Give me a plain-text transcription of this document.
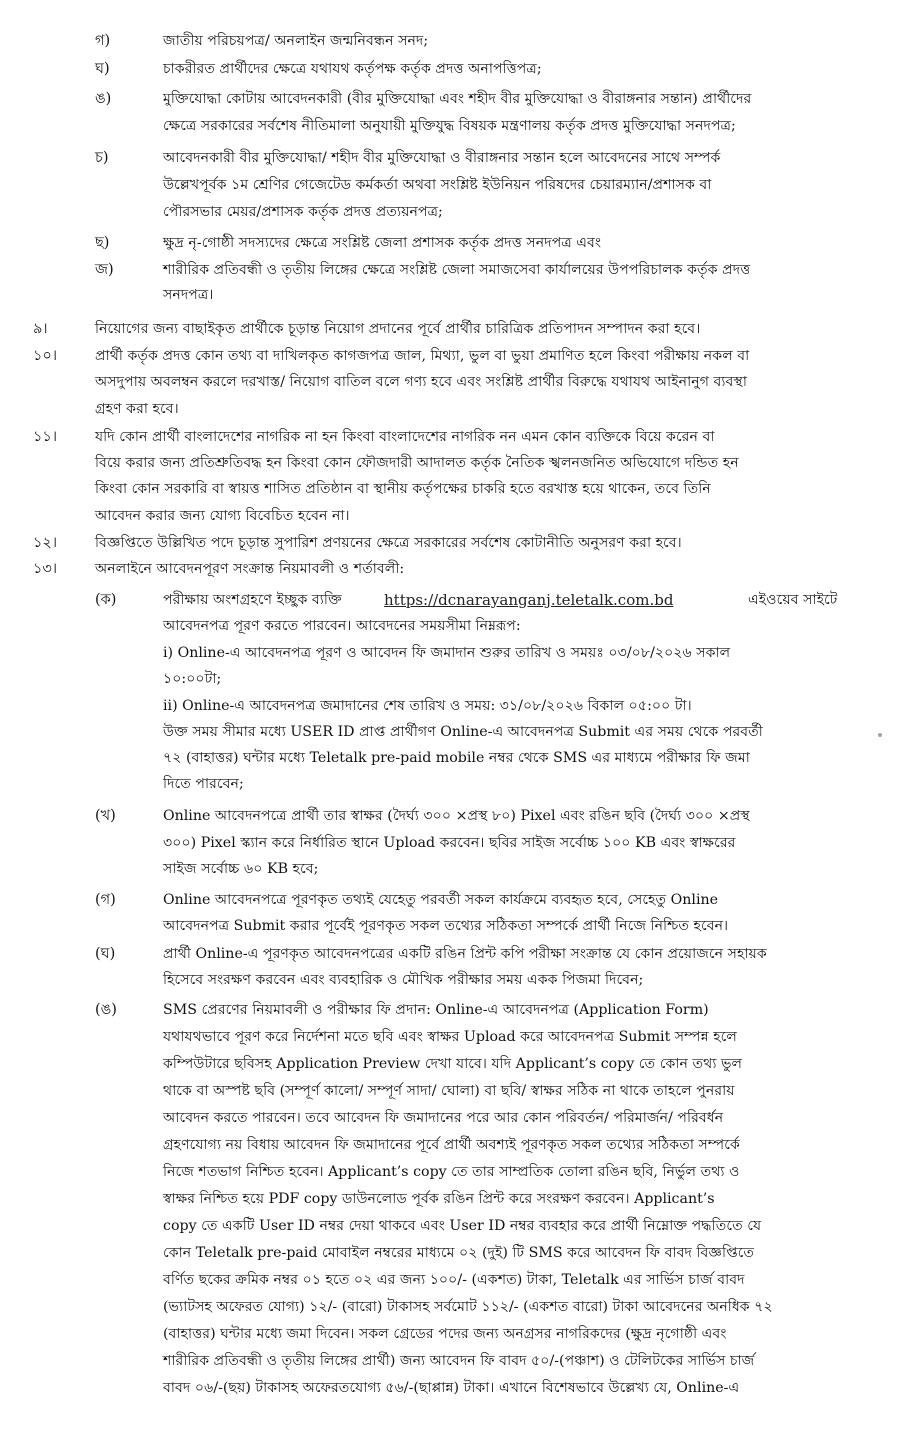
গ)	জাতীয় পরিচয়পত্র/ অনলাইন জন্মনিবন্ধন সনদ;
ঘ)	চাকরীরত প্রার্থীদের ক্ষেত্রে যথাযথ কর্তৃপক্ষ কর্তৃক প্রদত্ত অনাপত্তিপত্র;
ঙ)	মুক্তিযোদ্ধা কোটায় আবেদনকারী (বীর মুক্তিযোদ্ধা এবং শহীদ বীর মুক্তিযোদ্ধা ও বীরাঙ্গনার সন্তান) প্রার্থীদের
ক্ষেত্রে সরকারের সর্বশেষ নীতিমালা অনুযায়ী মুক্তিযুদ্ধ বিষয়ক মন্ত্রণালয় কর্তৃক প্রদত্ত মুক্তিযোদ্ধা সনদপত্র;
চ)	আবেদনকারী বীর মুক্তিযোদ্ধা/ শহীদ বীর মুক্তিযোদ্ধা ও বীরাঙ্গনার সন্তান হলে আবেদনের সাথে সম্পর্ক
উল্লেখপূর্বক ১ম শ্রেণির গেজেটেড কর্মকর্তা অথবা সংশ্লিষ্ট ইউনিয়ন পরিষদের চেয়ারম্যান/প্রশাসক বা
পৌরসভার মেয়র/প্রশাসক কর্তৃক প্রদত্ত প্রত্যয়নপত্র;
ছ)	ক্ষুদ্র নৃ-গোষ্ঠী সদস্যদের ক্ষেত্রে সংশ্লিষ্ট জেলা প্রশাসক কর্তৃক প্রদত্ত সনদপত্র এবং
জ)	শারীরিক প্রতিবন্ধী ও তৃতীয় লিঙ্গের ক্ষেত্রে সংশ্লিষ্ট জেলা সমাজসেবা কার্যালয়ের উপপরিচালক কর্তৃক প্রদত্ত
সনদপত্র।
৯।	নিয়োগের জন্য বাছাইকৃত প্রার্থীকে চূড়ান্ত নিয়োগ প্রদানের পূর্বে প্রার্থীর চারিত্রিক প্রতিপাদন সম্পাদন করা হবে।
১০।	প্রার্থী কর্তৃক প্রদত্ত কোন তথ্য বা দাখিলকৃত কাগজপত্র জাল, মিথ্যা, ভুল বা ভুয়া প্রমাণিত হলে কিংবা পরীক্ষায় নকল বা
অসদুপায় অবলম্বন করলে দরখাস্ত/ নিয়োগ বাতিল বলে গণ্য হবে এবং সংশ্লিষ্ট প্রার্থীর বিরুদ্ধে যথাযথ আইনানুগ ব্যবস্থা
গ্রহণ করা হবে।
১১।	যদি কোন প্রার্থী বাংলাদেশের নাগরিক না হন কিংবা বাংলাদেশের নাগরিক নন এমন কোন ব্যক্তিকে বিয়ে করেন বা
বিয়ে করার জন্য প্রতিশ্রুতিবদ্ধ হন কিংবা কোন ফৌজদারী আদালত কর্তৃক নৈতিক স্খলনজনিত অভিযোগে দন্ডিত হন
কিংবা কোন সরকারি বা স্বায়ত্ত শাসিত প্রতিষ্ঠান বা স্থানীয় কর্তৃপক্ষের চাকরি হতে বরখাস্ত হয়ে থাকেন, তবে তিনি
আবেদন করার জন্য যোগ্য বিবেচিত হবেন না।
১২।	বিজ্ঞপ্তিতে উল্লিখিত পদে চূড়ান্ত সুপারিশ প্রণয়নের ক্ষেত্রে সরকারের সর্বশেষ কোটানীতি অনুসরণ করা হবে।
১৩।	অনলাইনে আবেদনপূরণ সংক্রান্ত নিয়মাবলী ও শর্তাবলী:
(ক)	পরীক্ষায় অংশগ্রহণে ইচ্ছুক ব্যক্তি	https://dcnarayanganj.teletalk.com.bd	এইওয়েব সাইটে
আবেদনপত্র পূরণ করতে পারবেন। আবেদনের সময়সীমা নিম্নরূপ:
i) Online-এ আবেদনপত্র পূরণ ও আবেদন ফি জমাদান শুরুর তারিখ ও সময়ঃ ০৩/০৮/২০২৬ সকাল
১০:০০টা;
ii) Online-এ আবেদনপত্র জমাদানের শেষ তারিখ ও সময়: ৩১/০৮/২০২৬ বিকাল ০৫:০০ টা।
উক্ত সময় সীমার মধ্যে USER ID প্রাপ্ত প্রার্থীগণ Online-এ আবেদনপত্র Submit এর সময় থেকে পরবর্তী
৭২ (বাহাত্তর) ঘন্টার মধ্যে Teletalk pre-paid mobile নম্বর থেকে SMS এর মাধ্যমে পরীক্ষার ফি জমা
দিতে পারবেন;
(খ)	Online আবেদনপত্রে প্রার্থী তার স্বাক্ষর (দৈর্ঘ্য ৩০০ ×প্রস্থ ৮০) Pixel এবং রঙিন ছবি (দৈর্ঘ্য ৩০০ ×প্রস্থ
৩০০) Pixel স্ক্যান করে নির্ধারিত স্থানে Upload করবেন। ছবির সাইজ সর্বোচ্চ ১০০ KB এবং স্বাক্ষরের
সাইজ সর্বোচ্চ ৬০ KB হবে;
(গ)	Online আবেদনপত্রে পূরণকৃত তথ্যই যেহেতু পরবর্তী সকল কার্যক্রমে ব্যবহৃত হবে, সেহেতু Online
আবেদনপত্র Submit করার পূর্বেই পূরণকৃত সকল তথ্যের সঠিকতা সম্পর্কে প্রার্থী নিজে নিশ্চিত হবেন।
(ঘ)	প্রার্থী Online-এ পূরণকৃত আবেদনপত্রের একটি রঙিন প্রিন্ট কপি পরীক্ষা সংক্রান্ত যে কোন প্রয়োজনে সহায়ক
হিসেবে সংরক্ষণ করবেন এবং ব্যবহারিক ও মৌখিক পরীক্ষার সময় একক পিজমা দিবেন;
(ঙ)	SMS প্রেরণের নিয়মাবলী ও পরীক্ষার ফি প্রদান: Online-এ আবেদনপত্র (Application Form)
যথাযথভাবে পূরণ করে নির্দেশনা মতে ছবি এবং স্বাক্ষর Upload করে আবেদনপত্র Submit সম্পন্ন হলে
কম্পিউটারে ছবিসহ Application Preview দেখা যাবে। যদি Applicant’s copy তে কোন তথ্য ভুল
থাকে বা অস্পষ্ট ছবি (সম্পূর্ণ কালো/ সম্পূর্ণ সাদা/ ঘোলা) বা ছবি/ স্বাক্ষর সঠিক না থাকে তাহলে পুনরায়
আবেদন করতে পারবেন। তবে আবেদন ফি জমাদানের পরে আর কোন পরিবর্তন/ পরিমার্জন/ পরিবর্ধন
গ্রহণযোগ্য নয় বিধায় আবেদন ফি জমাদানের পূর্বে প্রার্থী অবশ্যই পূরণকৃত সকল তথ্যের সঠিকতা সম্পর্কে
নিজে শতভাগ নিশ্চিত হবেন। Applicant’s copy তে তার সাম্প্রতিক তোলা রঙিন ছবি, নির্ভুল তথ্য ও
স্বাক্ষর নিশ্চিত হয়ে PDF copy ডাউনলোড পূর্বক রঙিন প্রিন্ট করে সংরক্ষণ করবেন। Applicant’s
copy তে একটি User ID নম্বর দেয়া থাকবে এবং User ID নম্বর ব্যবহার করে প্রার্থী নিম্নোক্ত পদ্ধতিতে যে
কোন Teletalk pre-paid মোবাইল নম্বরের মাধ্যমে ০২ (দুই) টি SMS করে আবেদন ফি বাবদ বিজ্ঞপ্তিতে
বর্ণিত ছকের ক্রমিক নম্বর ০১ হতে ০২ এর জন্য ১০০/- (একশত) টাকা, Teletalk এর সার্ভিস চার্জ বাবদ
(ভ্যাটসহ অফেরত যোগ্য) ১২/- (বারো) টাকাসহ সর্বমোট ১১২/- (একশত বারো) টাকা আবেদনের অনধিক ৭২
(বাহাত্তর) ঘন্টার মধ্যে জমা দিবেন। সকল গ্রেডের পদের জন্য অনগ্রসর নাগরিকদের (ক্ষুদ্র নৃগোষ্ঠী এবং
শারীরিক প্রতিবন্ধী ও তৃতীয় লিঙ্গের প্রার্থী) জন্য আবেদন ফি বাবদ ৫০/-(পঞ্চাশ) ও টেলিটকের সার্ভিস চার্জ
বাবদ ০৬/-(ছয়) টাকাসহ অফেরতযোগ্য ৫৬/-(ছাপ্পান্ন) টাকা। এখানে বিশেষভাবে উল্লেখ্য যে, Online-এ
